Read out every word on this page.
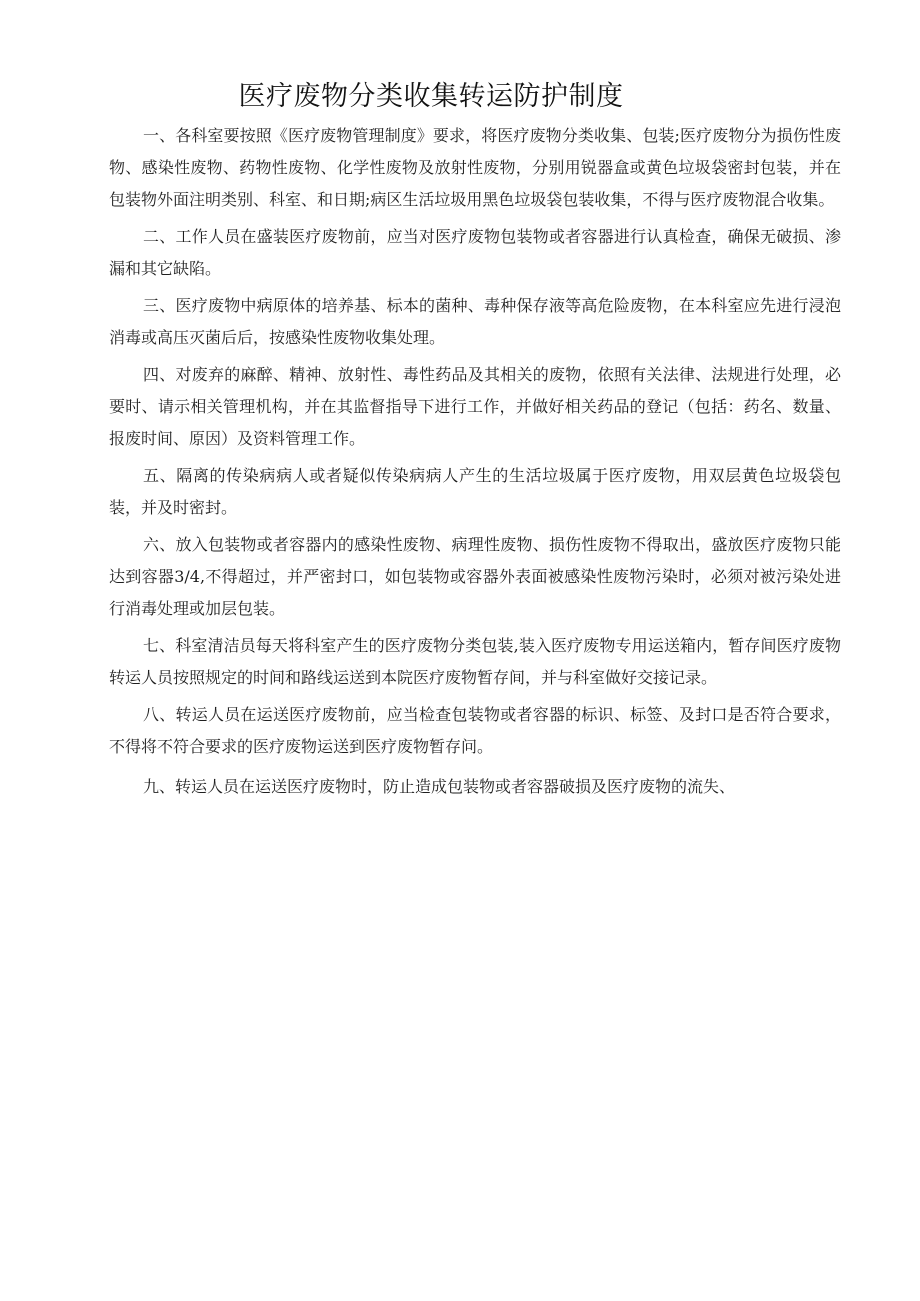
医疗废物分类收集转运防护制度

一、各科室要按照《医疗废物管理制度》要求，将医疗废物分类收集、包装;医疗废物分为损伤性废物、感染性废物、药物性废物、化学性废物及放射性废物，分别用锐器盒或黄色垃圾袋密封包装，并在包装物外面注明类别、科室、和日期;病区生活垃圾用黑色垃圾袋包装收集，不得与医疗废物混合收集。

二、工作人员在盛装医疗废物前，应当对医疗废物包装物或者容器进行认真检查，确保无破损、渗漏和其它缺陷。

三、医疗废物中病原体的培养基、标本的菌种、毒种保存液等高危险废物，在本科室应先进行浸泡消毒或高压灭菌后后，按感染性废物收集处理。

四、对废弃的麻醉、精神、放射性、毒性药品及其相关的废物，依照有关法律、法规进行处理，必要时、请示相关管理机构，并在其监督指导下进行工作，并做好相关药品的登记（包括：药名、数量、报废时间、原因）及资料管理工作。

五、隔离的传染病病人或者疑似传染病病人产生的生活垃圾属于医疗废物，用双层黄色垃圾袋包装，并及时密封。

六、放入包装物或者容器内的感染性废物、病理性废物、损伤性废物不得取出，盛放医疗废物只能达到容器3/4,不得超过，并严密封口，如包装物或容器外表面被感染性废物污染时，必须对被污染处进行消毒处理或加层包装。

七、科室清洁员每天将科室产生的医疗废物分类包装,装入医疗废物专用运送箱内，暂存间医疗废物转运人员按照规定的时间和路线运送到本院医疗废物暂存间，并与科室做好交接记录。

八、转运人员在运送医疗废物前，应当检查包装物或者容器的标识、标签、及封口是否符合要求，不得将不符合要求的医疗废物运送到医疗废物暂存问。

九、转运人员在运送医疗废物时，防止造成包装物或者容器破损及医疗废物的流失、
